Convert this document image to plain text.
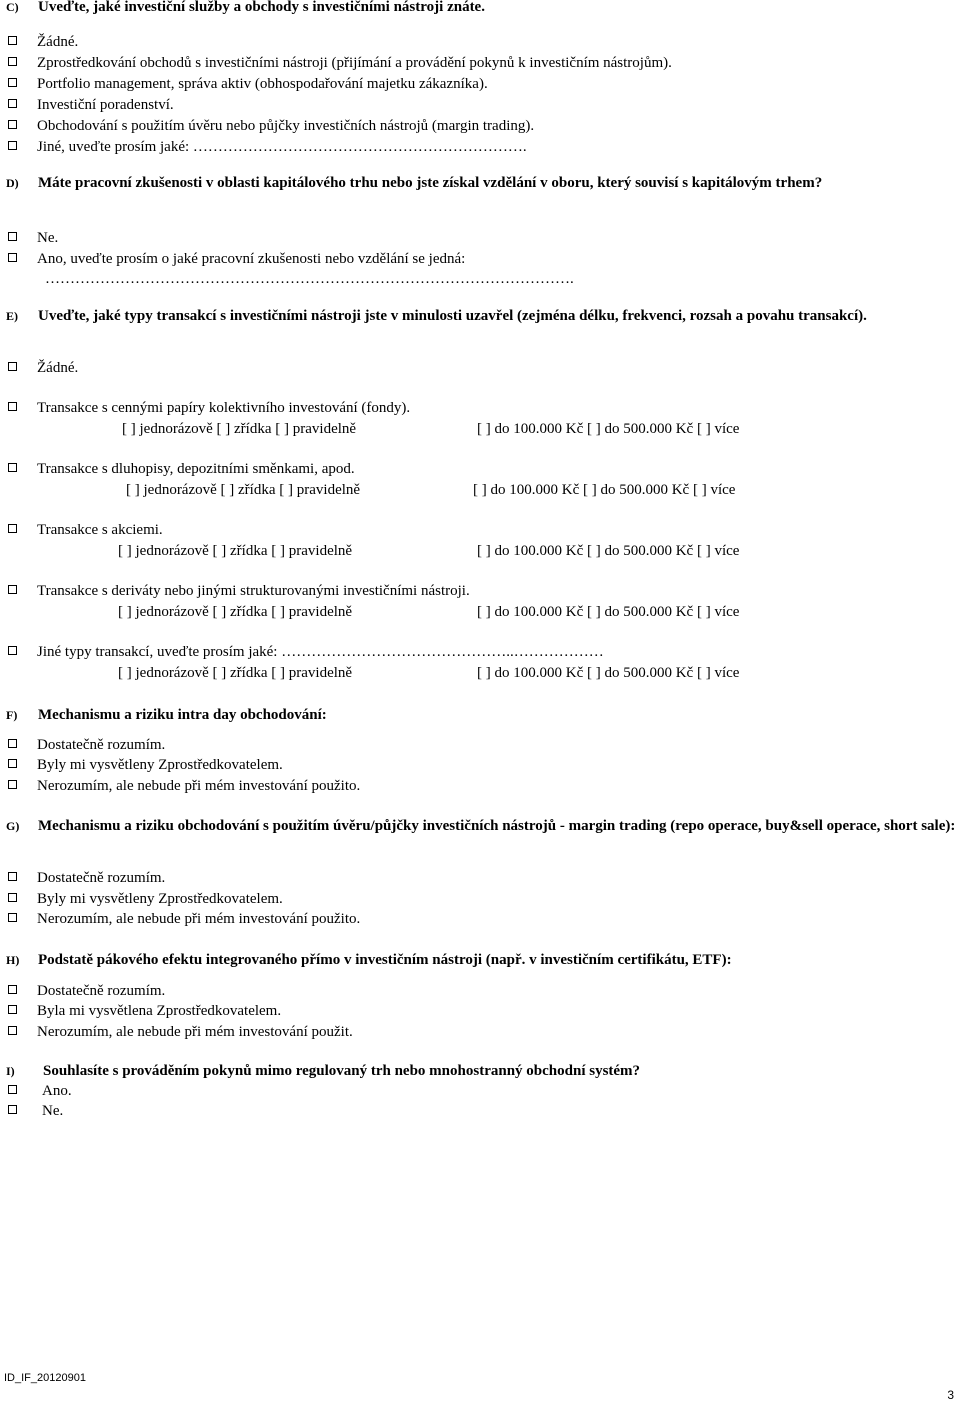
C) Uveďte, jaké investiční služby a obchody s investičními nástroji znáte.
Žádné.
Zprostředkování obchodů s investičními nástroji (přijímání a provádění pokynů k investičním nástrojům).
Portfolio management, správa aktiv (obhospodařování majetku zákazníka).
Investiční poradenství.
Obchodování s použitím úvěru nebo půjčky investičních nástrojů (margin trading).
Jiné, uveďte prosím jaké: ………………………………………………………….
D) Máte pracovní zkušenosti v oblasti kapitálového trhu nebo jste získal vzdělání v oboru, který souvisí s kapitálovým trhem?
Ne.
Ano, uveďte prosím o jaké pracovní zkušenosti nebo vzdělání se jedná:
…………………………………………………………………………………………….
E) Uveďte, jaké typy transakcí s investičními nástroji jste v minulosti uzavřel (zejména délku, frekvenci, rozsah a povahu transakcí).
Žádné.
Transakce s cennými papíry kolektivního investování (fondy).
[ ] jednorázově [ ] zřídka [ ] pravidelně	[ ] do 100.000 Kč [ ] do 500.000 Kč [ ] více
Transakce s dluhopisy, depozitními směnkami, apod.
[ ] jednorázově [ ] zřídka [ ] pravidelně	[ ] do 100.000 Kč [ ] do 500.000 Kč [ ] více
Transakce s akciemi.
[ ] jednorázově [ ] zřídka [ ] pravidelně	[ ] do 100.000 Kč [ ] do 500.000 Kč [ ] více
Transakce s deriváty nebo jinými strukturovanými investičními nástroji.
[ ] jednorázově [ ] zřídka [ ] pravidelně	[ ] do 100.000 Kč [ ] do 500.000 Kč [ ] více
Jiné typy transakcí, uveďte prosím jaké: ………………………………………..………………
[ ] jednorázově [ ] zřídka [ ] pravidelně	[ ] do 100.000 Kč [ ] do 500.000 Kč [ ] více
F) Mechanismu a riziku intra day obchodování:
Dostatečně rozumím.
Byly mi vysvětleny Zprostředkovatelem.
Nerozumím, ale nebude při mém investování použito.
G) Mechanismu a riziku obchodování s použitím úvěru/půjčky investičních nástrojů - margin trading (repo operace, buy&sell operace, short sale):
Dostatečně rozumím.
Byly mi vysvětleny Zprostředkovatelem.
Nerozumím, ale nebude při mém investování použito.
H) Podstatě pákového efektu integrovaného přímo v investičním nástroji (např. v investičním certifikátu, ETF):
Dostatečně rozumím.
Byla mi vysvětlena Zprostředkovatelem.
Nerozumím, ale nebude při mém investování použit.
I) Souhlasíte s prováděním pokynů mimo regulovaný trh nebo mnohostranný obchodní systém?
Ano.
Ne.
ID_IF_20120901
3
